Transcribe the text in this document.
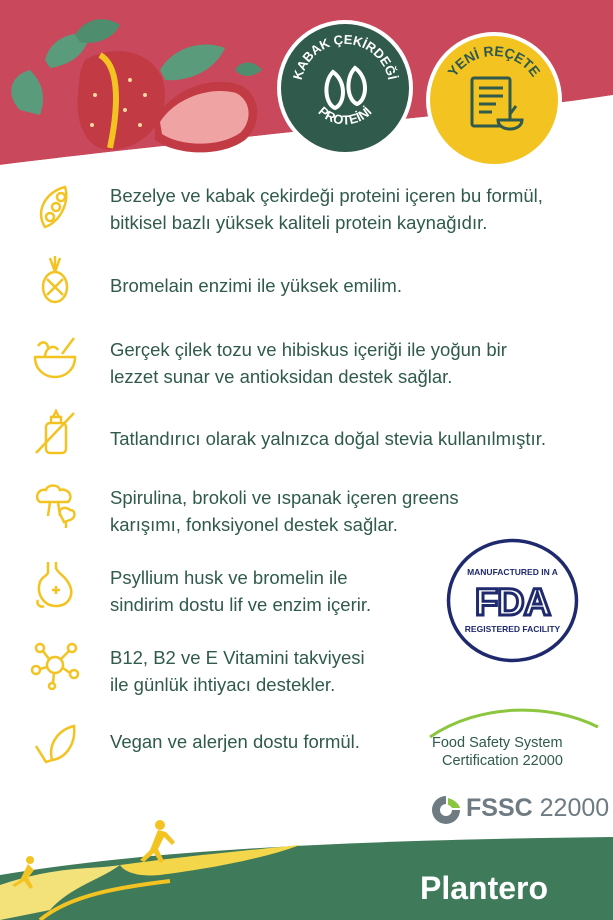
KABAK ÇEKİRDEĞİ
PROTEİNİ
YENİ REÇETE
Bezelye ve kabak çekirdeği proteini içeren bu formül,
bitkisel bazlı yüksek kaliteli protein kaynağıdır.
Bromelain enzimi ile yüksek emilim.
Gerçek çilek tozu ve hibiskus içeriği ile yoğun bir
lezzet sunar ve antioksidan destek sağlar.
Tatlandırıcı olarak yalnızca doğal stevia kullanılmıştır.
Spirulina, brokoli ve ıspanak içeren greens
karışımı, fonksiyonel destek sağlar.
Psyllium husk ve bromelin ile
sindirim dostu lif ve enzim içerir.
B12, B2 ve E Vitamini takviyesi
ile günlük ihtiyacı destekler.
Vegan ve alerjen dostu formül.
MANUFACTURED IN A
FDA
REGISTERED FACILITY
Food Safety System
Certification 22000
FSSC 22000
Plantero
